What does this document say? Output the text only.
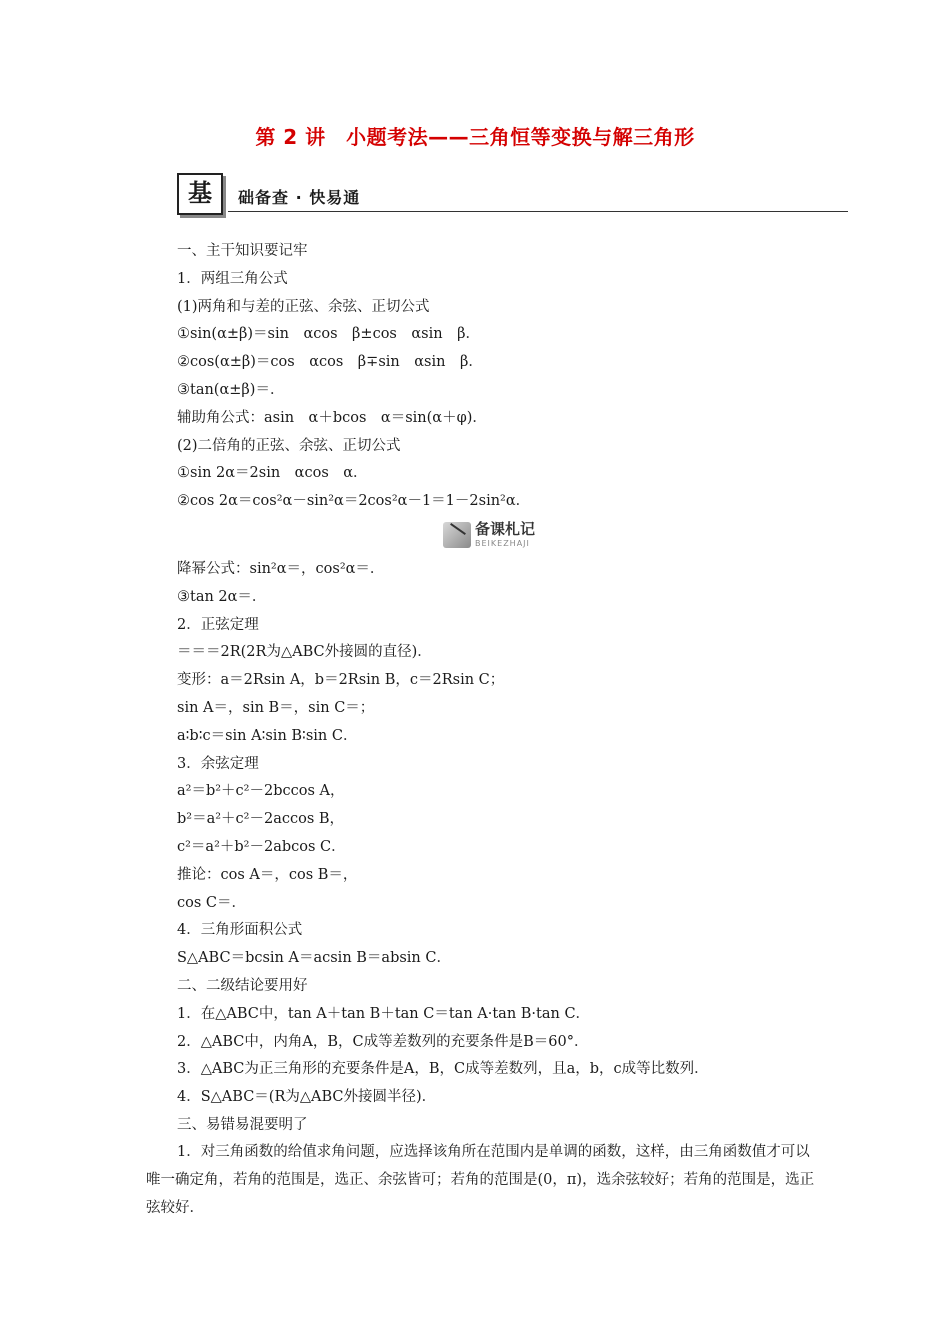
第 2 讲　小题考法——三角恒等变换与解三角形
基	础备查 · 快易通
一、主干知识要记牢
1．两组三角公式
(1)两角和与差的正弦、余弦、正切公式
①sin(α±β)＝sin　αcos　β±cos　αsin　β．
②cos(α±β)＝cos　αcos　β∓sin　αsin　β．
③tan(α±β)＝．
辅助角公式：asin　α＋bcos　α＝sin(α＋φ)．
(2)二倍角的正弦、余弦、正切公式
①sin 2α＝2sin　αcos　α．
②cos 2α＝cos²α－sin²α＝2cos²α－1＝1－2sin²α．
备课札记
BEIKEZHAJI
降幂公式：sin²α＝，cos²α＝．
③tan 2α＝．
2．正弦定理
＝＝＝2R(2R为△ABC外接圆的直径)．
变形：a＝2Rsin A，b＝2Rsin B，c＝2Rsin C；
sin A＝，sin B＝，sin C＝；
a∶b∶c＝sin A∶sin B∶sin C．
3．余弦定理
a²＝b²＋c²－2bccos A，
b²＝a²＋c²－2accos B，
c²＝a²＋b²－2abcos C．
推论：cos A＝，cos B＝，
cos C＝．
4．三角形面积公式
S△ABC＝bcsin A＝acsin B＝absin C．
二、二级结论要用好
1．在△ABC中，tan A＋tan B＋tan C＝tan A·tan B·tan C．
2．△ABC中，内角A，B，C成等差数列的充要条件是B＝60°．
3．△ABC为正三角形的充要条件是A，B，C成等差数列，且a，b，c成等比数列．
4．S△ABC＝(R为△ABC外接圆半径)．
三、易错易混要明了
1．对三角函数的给值求角问题，应选择该角所在范围内是单调的函数，这样，由三角函数值才可以唯一确定角，若角的范围是，选正、余弦皆可；若角的范围是(0，π)，选余弦较好；若角的范围是，选正弦较好．
